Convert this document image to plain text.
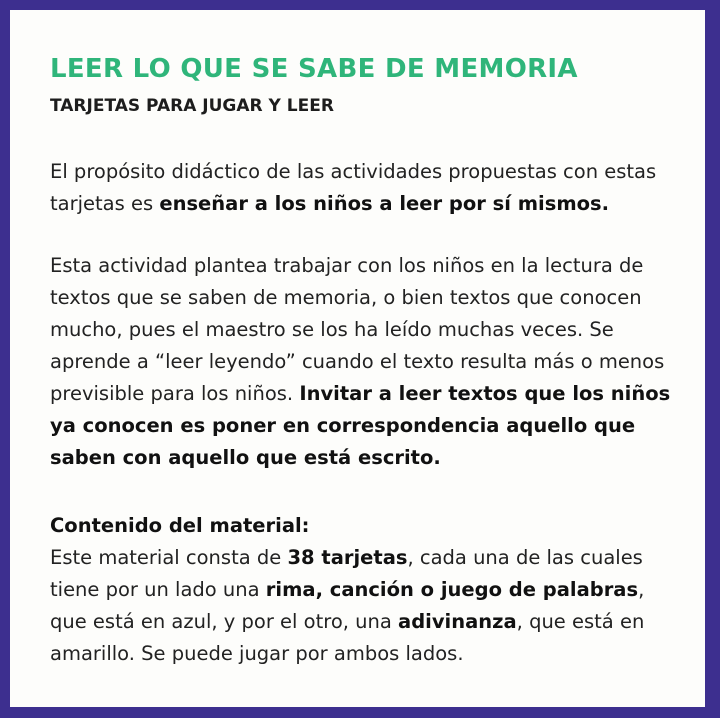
LEER LO QUE SE SABE DE MEMORIA
TARJETAS PARA JUGAR Y LEER

El propósito didáctico de las actividades propuestas con estas tarjetas es enseñar a los niños a leer por sí mismos.

Esta actividad plantea trabajar con los niños en la lectura de textos que se saben de memoria, o bien textos que conocen mucho, pues el maestro se los ha leído muchas veces. Se aprende a “leer leyendo” cuando el texto resulta más o menos previsible para los niños. Invitar a leer textos que los niños ya conocen es poner en correspondencia aquello que saben con aquello que está escrito.

Contenido del material:

Este material consta de 38 tarjetas, cada una de las cuales tiene por un lado una rima, canción o juego de palabras, que está en azul, y por el otro, una adivinanza, que está en amarillo. Se puede jugar por ambos lados.
